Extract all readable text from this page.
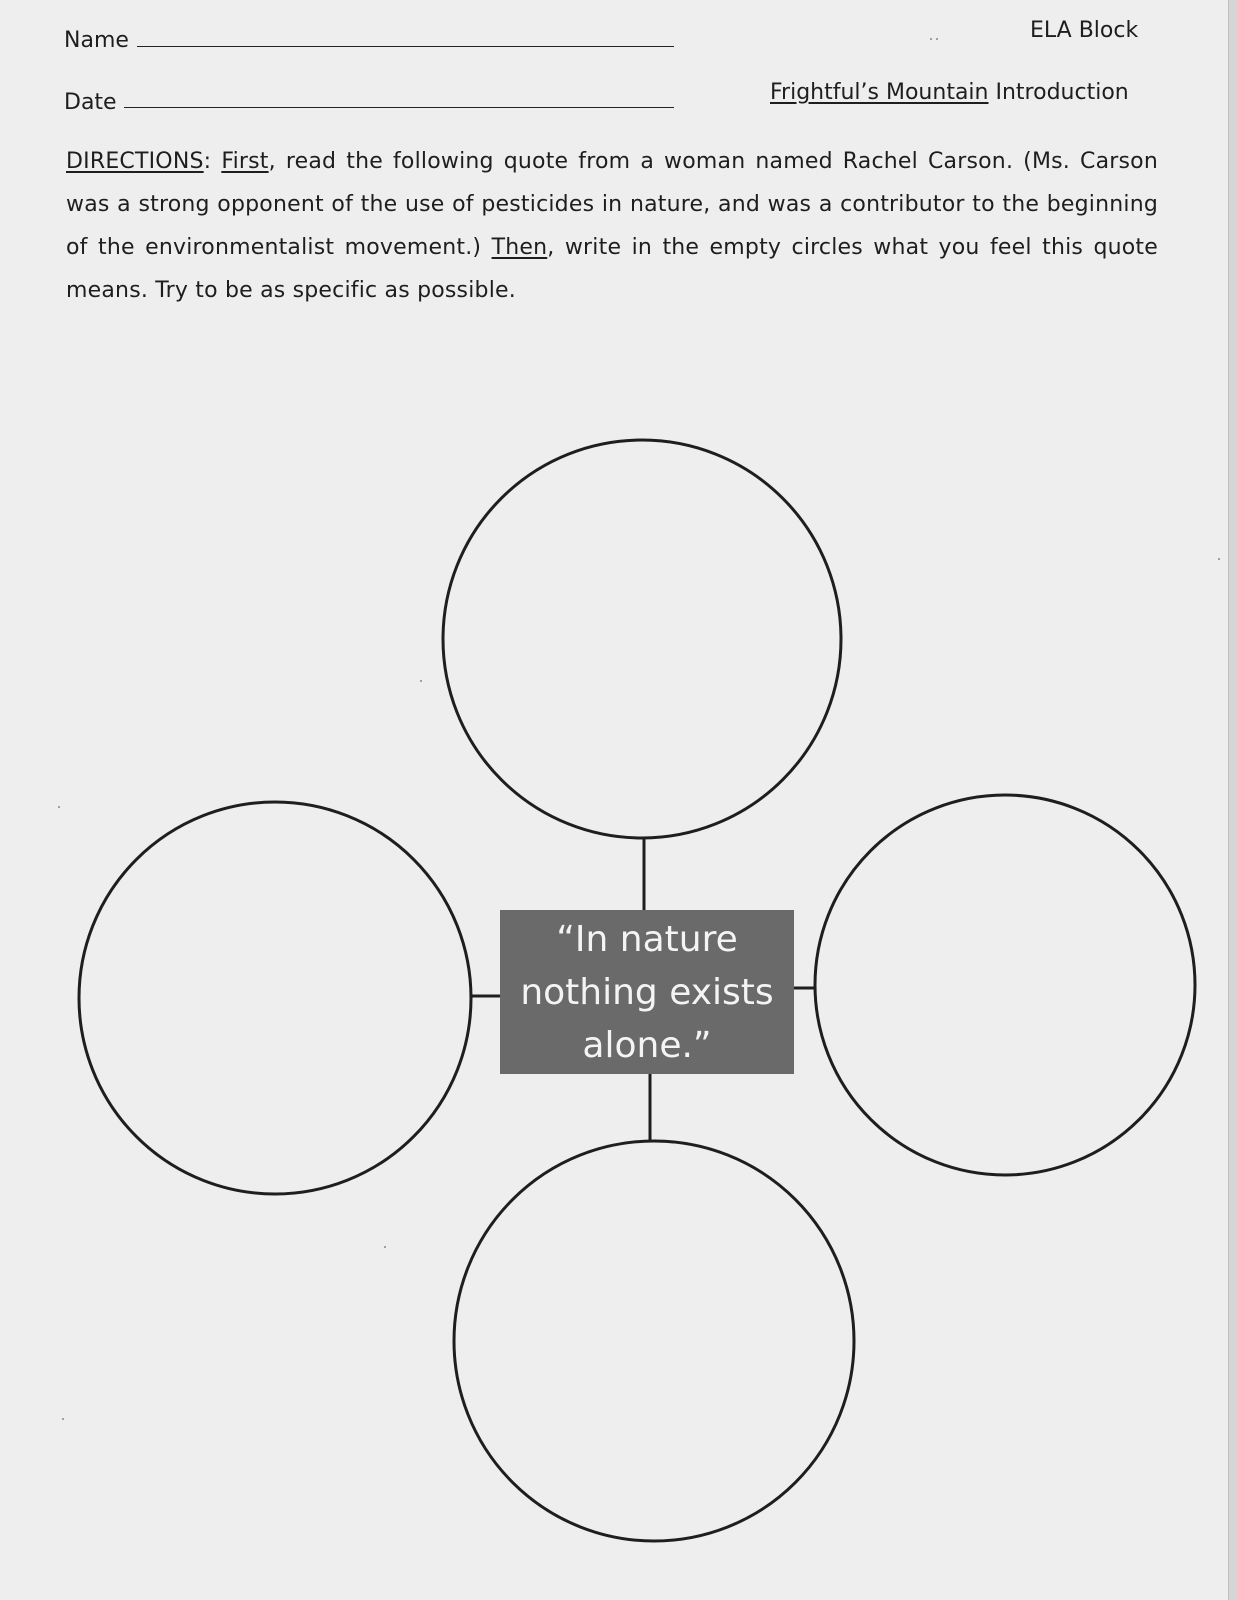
Name
Date
ELA Block
Frightful’s Mountain Introduction
DIRECTIONS: First, read the following quote from a woman named Rachel Carson. (Ms. Carson was a strong opponent of the use of pesticides in nature, and was a contributor to the beginning of the environmentalist movement.) Then, write in the empty circles what you feel this quote means. Try to be as specific as possible.
“In nature
nothing exists
alone.”
